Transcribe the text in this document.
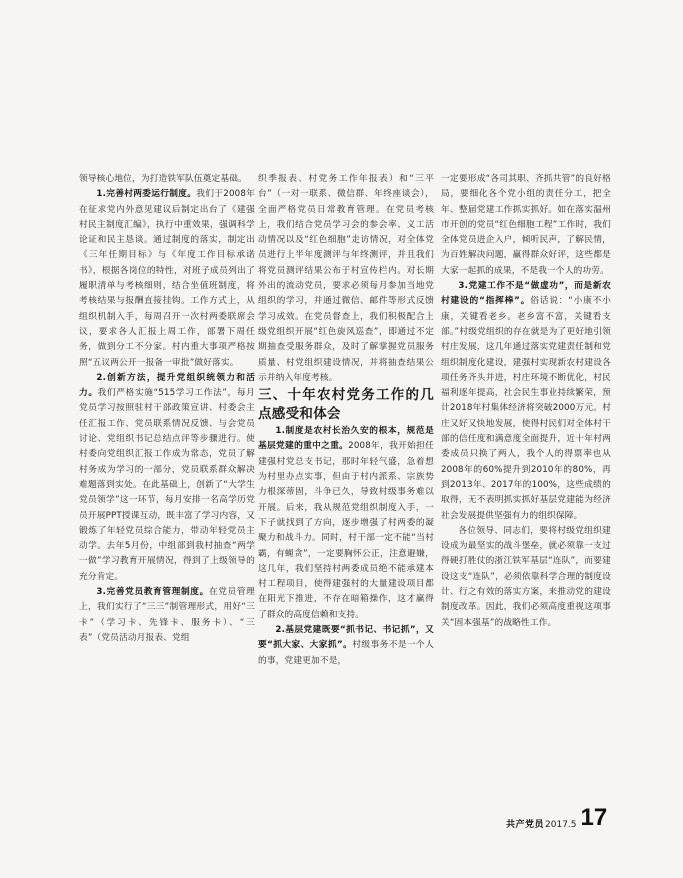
领导核心地位，为打造铁军队伍奠定基础。

1.完善村两委运行制度。我们于2008年在征求党内外意见建议后制定出台了《建强村民主制度汇编》，执行中重效果，强调科学论证和民主恳谈。通过制度的落实，制定出《三年任期目标》与《年度工作目标承诺书》，根据各岗位的特性，对班子成员列出了履职清单与考核细则，结合坐值班制度，将考核结果与报酬直接挂钩。工作方式上，从组织机制入手，每周召开一次村两委联席会议，要求各人汇报上周工作，部署下周任务，做到分工不分家。村内重大事项严格按照“五议两公开一报备一审批”做好落实。

2.创新方法，提升党组织统领力和活力。我们严格实施“515学习工作法”，每月党员学习按照驻村干部政策宣讲、村委会主任汇报工作、党员联系情况反馈、与会党员讨论、党组织书记总结点评等步骤进行。使村委向党组织汇报工作成为常态，党员了解村务成为学习的一部分，党员联系群众解决难题落到实处。在此基础上，创新了“大学生党员领学”这一环节，每月安排一名高学历党员开展PPT授课互动，既丰富了学习内容，又锻炼了年轻党员综合能力，带动年轻党员主动学。去年5月份，中组部到我村抽查“两学一做”学习教育开展情况，得到了上级领导的充分肯定。

3.完善党员教育管理制度。在党员管理上，我们实行了“三三”制管理形式，用好“三卡”（学习卡、先锋卡、服务卡）、“三表”（党员活动月报表、党组

织季报表、村党务工作年报表）和“三平台”（一对一联系、微信群、年终座谈会），全面严格党员日常教育管理。在党员考核上，我们结合党员学习会的参会率、义工活动情况以及“红色细胞”走访情况，对全体党员进行上半年度测评与年终测评，并且我们将党员测评结果公布于村宣传栏内。对长期外出的流动党员，要求必须每月参加当地党组织的学习，并通过微信、邮件等形式反馈学习成效。在党员督查上，我们积极配合上级党组织开展“红色旋风巡查”，即通过不定期抽查受服务群众，及时了解掌握党员服务质量、村党组织建设情况，并将抽查结果公示并纳入年度考核。

三、十年农村党务工作的几点感受和体会

1.制度是农村长治久安的根本，规范是基层党建的重中之重。2008年，我开始担任建强村党总支书记，那时年轻气盛，急着想为村里办点实事，但由于村内派系、宗族势力根深蒂固，斗争已久，导致村级事务难以开展。后来，我从规范党组织制度入手，一下子就找到了方向，逐步增强了村两委的凝聚力和战斗力。同时，村干部一定不能“当村霸，有蝇贪”，一定要胸怀公正，注意避嫌，这几年，我们坚持村两委成员绝不能承建本村工程项目，使得建强村的大量建设项目都在阳光下推进，不存在暗箱操作，这才赢得了群众的高度信赖和支持。

2.基层党建既要“抓书记、书记抓”，又要“抓大家、大家抓”。村级事务不是一个人的事，党建更加不是，

一定要形成“各司其职、齐抓共管”的良好格局，要细化各个党小组的责任分工，把全年、整届党建工作抓实抓好。如在落实温州市开创的党员“红色细胞工程”工作时，我们全体党员进企入户，倾听民声，了解民情，为百姓解决问题，赢得群众好评，这些都是大家一起抓的成果，不是我一个人的功劳。

3.党建工作不是“做虚功”，而是新农村建设的“指挥棒”。俗话说：“小康不小康，关键看老乡。老乡富不富，关键看支部。”村级党组织的存在就是为了更好地引领村庄发展，这几年通过落实党建责任制和党组织制度化建设，建强村实现新农村建设各项任务齐头并进，村庄环境不断优化，村民福利逐年提高，社会民生事业持续繁荣，预计2018年村集体经济将突破2000万元。村庄又好又快地发展，使得村民们对全体村干部的信任度和满意度全面提升，近十年村两委成员只换了两人，我个人的得票率也从2008年的60%提升到2010年的80%，再到2013年、2017年的100%，这些成绩的取得，无不表明抓实抓好基层党建能为经济社会发展提供坚强有力的组织保障。

各位领导、同志们，要将村级党组织建设成为最坚实的战斗堡垒，就必须靠一支过得硬打胜仗的浙江铁军基层“连队”，而要建设这支“连队”，必须依靠科学合理的制度设计、行之有效的落实方案，来推动党的建设制度改革。因此，我们必须高度重视这项事关“固本强基”的战略性工作。

共产党员 2017.5 17
